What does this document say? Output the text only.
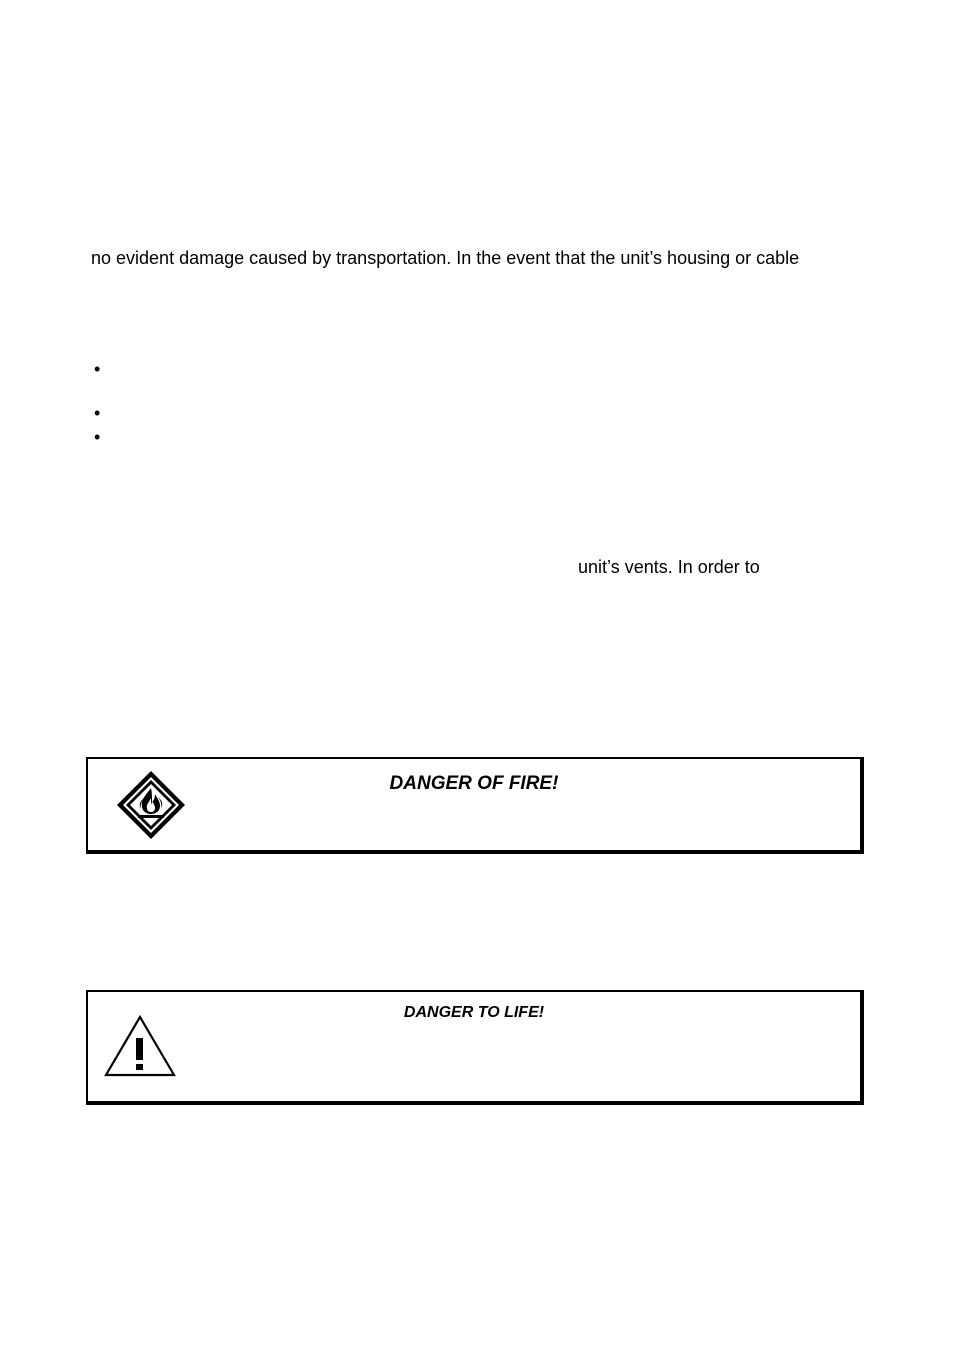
no evident damage caused by transportation. In the event that the unit’s housing or cable
•
•
•
unit’s vents. In order to
DANGER OF FIRE!
DANGER TO LIFE!
